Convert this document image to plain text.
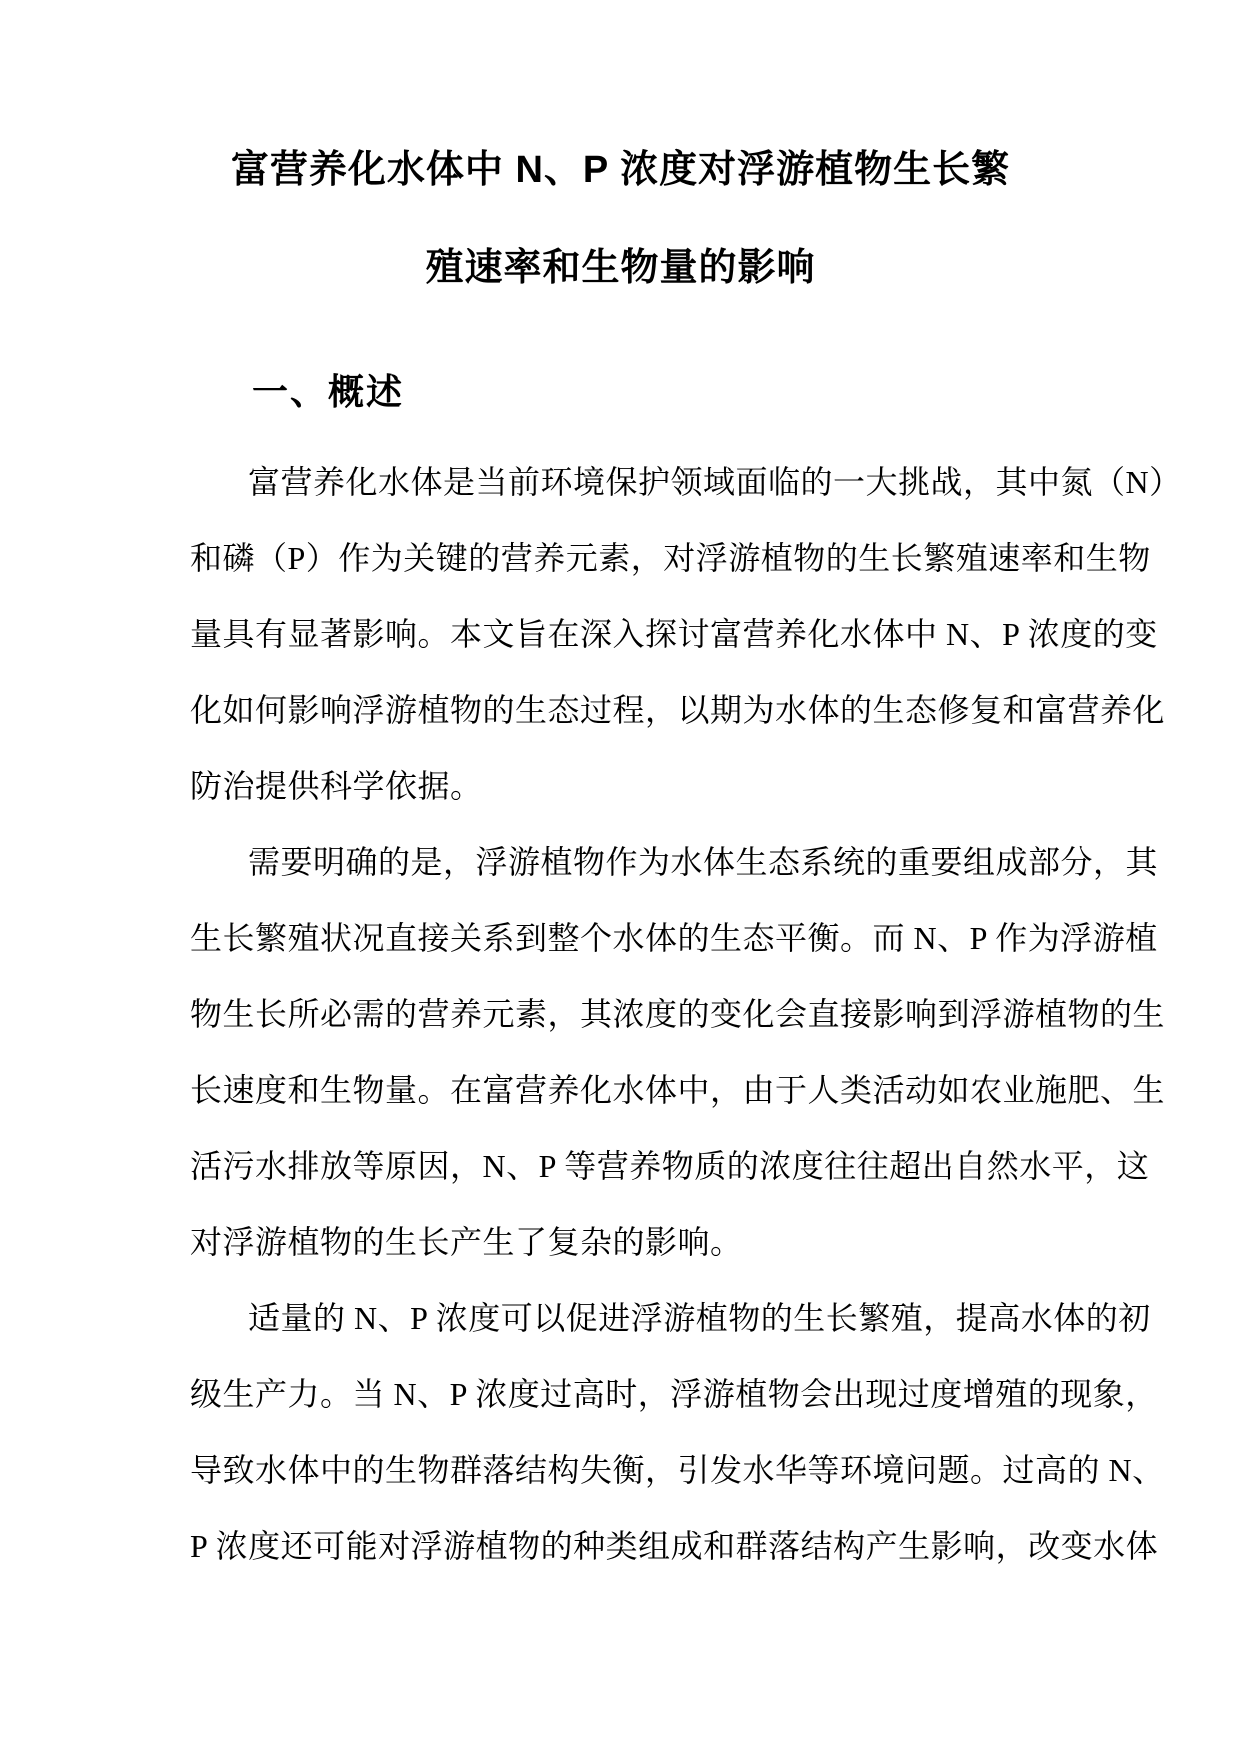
富营养化水体中 N、P 浓度对浮游植物生长繁
殖速率和生物量的影响
一、概述
富营养化水体是当前环境保护领域面临的一大挑战，其中氮（N）
和磷（P）作为关键的营养元素，对浮游植物的生长繁殖速率和生物
量具有显著影响。本文旨在深入探讨富营养化水体中 N、P 浓度的变
化如何影响浮游植物的生态过程，以期为水体的生态修复和富营养化
防治提供科学依据。
需要明确的是，浮游植物作为水体生态系统的重要组成部分，其
生长繁殖状况直接关系到整个水体的生态平衡。而 N、P 作为浮游植
物生长所必需的营养元素，其浓度的变化会直接影响到浮游植物的生
长速度和生物量。在富营养化水体中，由于人类活动如农业施肥、生
活污水排放等原因，N、P 等营养物质的浓度往往超出自然水平，这
对浮游植物的生长产生了复杂的影响。
适量的 N、P 浓度可以促进浮游植物的生长繁殖，提高水体的初
级生产力。当 N、P 浓度过高时，浮游植物会出现过度增殖的现象，
导致水体中的生物群落结构失衡，引发水华等环境问题。过高的 N、
P 浓度还可能对浮游植物的种类组成和群落结构产生影响，改变水体
